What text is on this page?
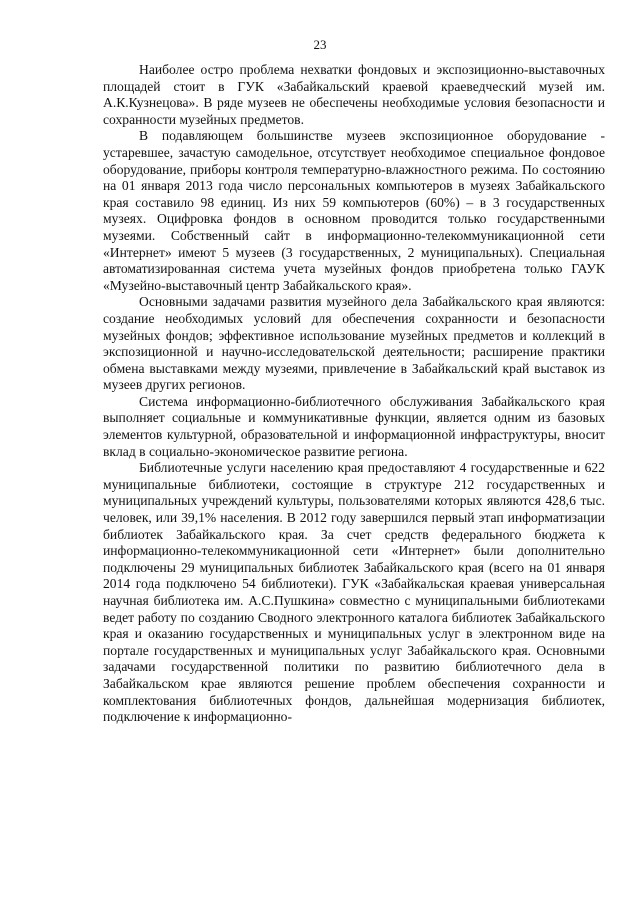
23

Наиболее остро проблема нехватки фондовых и экспозиционно-выставочных площадей стоит в ГУК «Забайкальский краевой краеведческий музей им. А.К.Кузнецова». В ряде музеев не обеспечены необходимые условия безопасности и сохранности музейных предметов.

В подавляющем большинстве музеев экспозиционное оборудование - устаревшее, зачастую самодельное, отсутствует необходимое специальное фондовое оборудование, приборы контроля температурно-влажностного режима. По состоянию на 01 января 2013 года число персональных компьютеров в музеях Забайкальского края составило 98 единиц. Из них 59 компьютеров (60%) – в 3 государственных музеях. Оцифровка фондов в основном проводится только государственными музеями. Собственный сайт в информационно-телекоммуникационной сети «Интернет» имеют 5 музеев (3 государственных, 2 муниципальных). Специальная автоматизированная система учета музейных фондов приобретена только ГАУК «Музейно-выставочный центр Забайкальского края».

Основными задачами развития музейного дела Забайкальского края являются: создание необходимых условий для обеспечения сохранности и безопасности музейных фондов; эффективное использование музейных предметов и коллекций в экспозиционной и научно-исследовательской деятельности; расширение практики обмена выставками между музеями, привлечение в Забайкальский край выставок из музеев других регионов.

Система информационно-библиотечного обслуживания Забайкальского края выполняет социальные и коммуникативные функции, является одним из базовых элементов культурной, образовательной и информационной инфраструктуры, вносит вклад в социально-экономическое развитие региона.

Библиотечные услуги населению края предоставляют 4 государственные и 622 муниципальные библиотеки, состоящие в структуре 212 государственных и муниципальных учреждений культуры, пользователями которых являются 428,6 тыс. человек, или 39,1% населения. В 2012 году завершился первый этап информатизации библиотек Забайкальского края. За счет средств федерального бюджета к информационно-телекоммуникационной сети «Интернет» были дополнительно подключены 29 муниципальных библиотек Забайкальского края (всего на 01 января 2014 года подключено 54 библиотеки). ГУК «Забайкальская краевая универсальная научная библиотека им. А.С.Пушкина» совместно с муниципальными библиотеками ведет работу по созданию Сводного электронного каталога библиотек Забайкальского края и оказанию государственных и муниципальных услуг в электронном виде на портале государственных и муниципальных услуг Забайкальского края. Основными задачами государственной политики по развитию библиотечного дела в Забайкальском крае являются решение проблем обеспечения сохранности и комплектования библиотечных фондов, дальнейшая модернизация библиотек, подключение к информационно-
